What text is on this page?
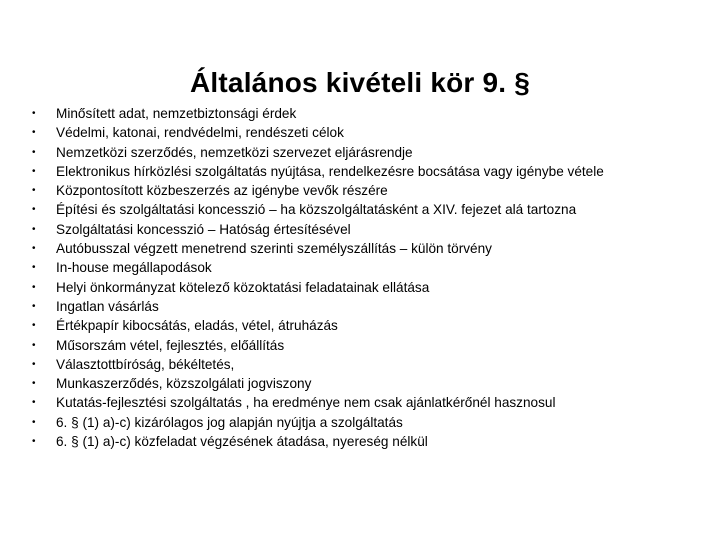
Általános kivételi kör 9. §
•	Minősített adat, nemzetbiztonsági érdek
•	Védelmi, katonai, rendvédelmi, rendészeti célok
•	Nemzetközi szerződés, nemzetközi szervezet eljárásrendje
•	Elektronikus hírközlési szolgáltatás nyújtása, rendelkezésre bocsátása vagy igénybe vétele
•	Központosított közbeszerzés az igénybe vevők részére
•	Építési és szolgáltatási koncesszió – ha közszolgáltatásként a XIV. fejezet alá tartozna
•	Szolgáltatási koncesszió – Hatóság értesítésével
•	Autóbusszal végzett menetrend szerinti személyszállítás – külön törvény
•	In-house megállapodások
•	Helyi önkormányzat kötelező közoktatási feladatainak ellátása
•	Ingatlan vásárlás
•	Értékpapír kibocsátás, eladás, vétel, átruházás
•	Műsorszám vétel, fejlesztés, előállítás
•	Választottbíróság, békéltetés,
•	Munkaszerződés, közszolgálati jogviszony
•	Kutatás-fejlesztési szolgáltatás , ha eredménye nem csak ajánlatkérőnél hasznosul
•	6. § (1) a)-c) kizárólagos jog alapján nyújtja a szolgáltatás
•	6. § (1) a)-c) közfeladat végzésének átadása, nyereség nélkül
